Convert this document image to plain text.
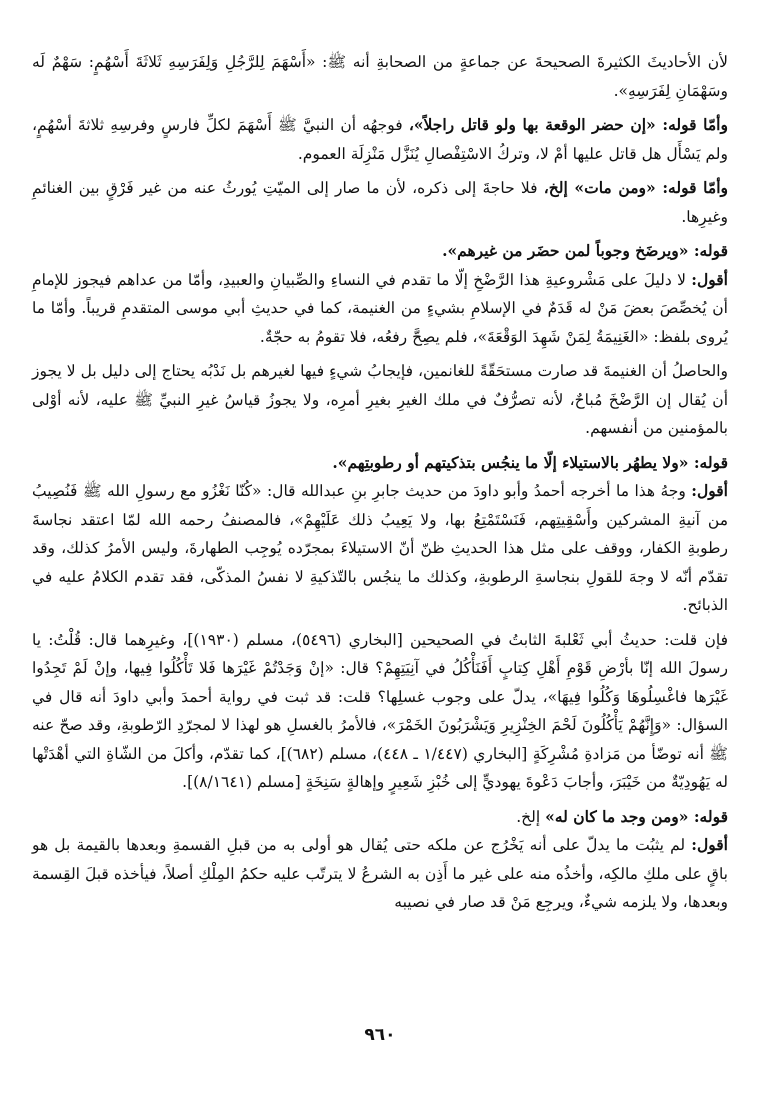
لأن الأحاديثَ الكثيرةَ الصحيحةَ عن جماعةٍ من الصحابةِ أنه ﷺ: «أَسْهَمَ لِلرَّجُلِ وَلِفَرَسِهِ ثَلاثَةَ أَسْهُمٍ: سَهْمٌ لَه وسَهْمَانِ لِفَرَسِهِ».

وأمّا قوله: «إن حضر الوقعة بها ولو قاتل راجلاً»، فوجهُه أن النبيَّ ﷺ أَسْهَمَ لكلِّ فارسٍ وفرسِهِ ثلاثةَ أسْهُمٍ، ولم يَسْأَل هل قاتل عليها أمْ لا، وتركُ الاسْتِفْصالِ يُنَزَّل مَنْزِلَة العموم.

وأمّا قوله: «ومن مات» إلخ، فلا حاجةَ إلى ذكره، لأن ما صار إلى الميّتِ يُورثُ عنه من غير فَرْقٍ بين الغنائمِ وغيرِها.

قوله: «ويرضَخ وجوباً لمن حضَر من غيرهم».

أقول: لا دليلَ على مَشْروعيةِ هذا الرَّضْخِ إلّا ما تقدم في النساءِ والصِّبيانِ والعبيدِ، وأمّا من عداهم فيجوز للإمامِ أن يُخصِّصَ بعضَ مَنْ له قَدَمٌ في الإسلامِ بشيءٍ من الغنيمة، كما في حديثِ أبي موسى المتقدمِ قريباً. وأمّا ما يُروى بلفظ: «الغَنِيمَةُ لِمَنْ شَهِدَ الوَقْعَةَ»، فلم يصِحَّ رفعُه، فلا تقومُ به حجّةٌ.

والحاصلُ أن الغنيمةَ قد صارت مستحَقّةً للغانمين، فإيجابُ شيءٍ فيها لغيرهم بل نَدْبُه يحتاج إلى دليل بل لا يجوز أن يُقال إن الرَّضْخَ مُباحٌ، لأنه تصرُّفٌ في ملك الغيرِ بغيرِ أمرِه، ولا يجوزُ قياسُ غيرِ النبيِّ ﷺ عليه، لأنه أوْلى بالمؤمنين من أنفسهم.

قوله: «ولا يطهُر بالاستيلاء إلّا ما ينجُس بتذكيتهم أو رطوبتِهم».

أقول: وجهُ هذا ما أخرجه أحمدُ وأبو داودَ من حديث جابرِ بنِ عبدالله قال: «كُنّا نَغْزُو مع رسولِ الله ﷺ فَنُصِيبُ من آنيةِ المشركين وأَسْقِيتِهم، فَنَسْتَمْتِعُ بها، ولا يَعِيبُ ذلك عَلَيْهِمْ»، فالمصنفُ رحمه الله لمّا اعتقد نجاسةَ رطوبةِ الكفار، ووقف على مثل هذا الحديثِ ظنّ أنّ الاستيلاءَ بمجرّده يُوجِب الطهارةَ، وليس الأمرُ كذلك، وقد تقدّم أنّه لا وجهَ للقولِ بنجاسةِ الرطوبةِ، وكذلك ما ينجُس بالتّذكيةِ لا نفسُ المذكّى، فقد تقدم الكلامُ عليه في الذبائح.

فإن قلت: حديثُ أبي ثَعْلبةَ الثابتُ في الصحيحين [البخاري (٥٤٩٦)، مسلم (١٩٣٠)]، وغيرِهما قال: قُلْتُ: يا رسولَ الله إنّا بأرْضِ قَوْمِ أَهْلِ كِتابٍ أَفَنَأْكُلُ في آنِيَتِهِمْ؟ قال: «إنْ وَجَدْتُمْ غَيْرَها فَلا تَأْكُلُوا فِيها، وإنْ لَمْ تَجِدُوا غَيْرَها فاغْسِلُوهَا وَكُلُوا فِيهَا»، يدلّ على وجوب غسلِها؟ قلت: قد ثبت في رواية أحمدَ وأبي داودَ أنه قال في السؤال: «وَإِنَّهُمْ يَأْكُلُونَ لَحْمَ الخِنْزِيرِ وَيَشْرَبُونَ الخَمْرَ»، فالأمرُ بالغسلِ هو لهذا لا لمجرّدِ الرّطوبةِ، وقد صحّ عنه ﷺ أنه توضّأ من مَزادةِ مُشْرِكَةٍ [البخاري (١/٤٤٧ ـ ٤٤٨)، مسلم (٦٨٢)]، كما تقدّم، وأكلَ من الشّاةِ التي أهْدَتْها له يَهُودِيّةٌ من خَيْبَرَ، وأجابَ دَعْوةَ يهوديٍّ إلى خُبْزِ شَعِيرٍ وإهالةٍ سَنِخَةٍ [مسلم (٨/١٦٤١)].

قوله: «ومن وجد ما كان له» إلخ.

أقول: لم يثبُت ما يدلّ على أنه يَخْرُج عن ملكه حتى يُقال هو أولى به من قبلِ القسمةِ وبعدها بالقيمة بل هو باقٍ على ملكِ مالكِه، وأخذُه منه على غير ما أَذِن به الشرعُ لا يترتّب عليه حكمُ المِلْكِ أصلاً، فيأخذه قبلَ القِسمة وبعدها، ولا يلزمه شيءٌ، ويرجِع مَنْ قد صار في نصيبه

٩٦٠
